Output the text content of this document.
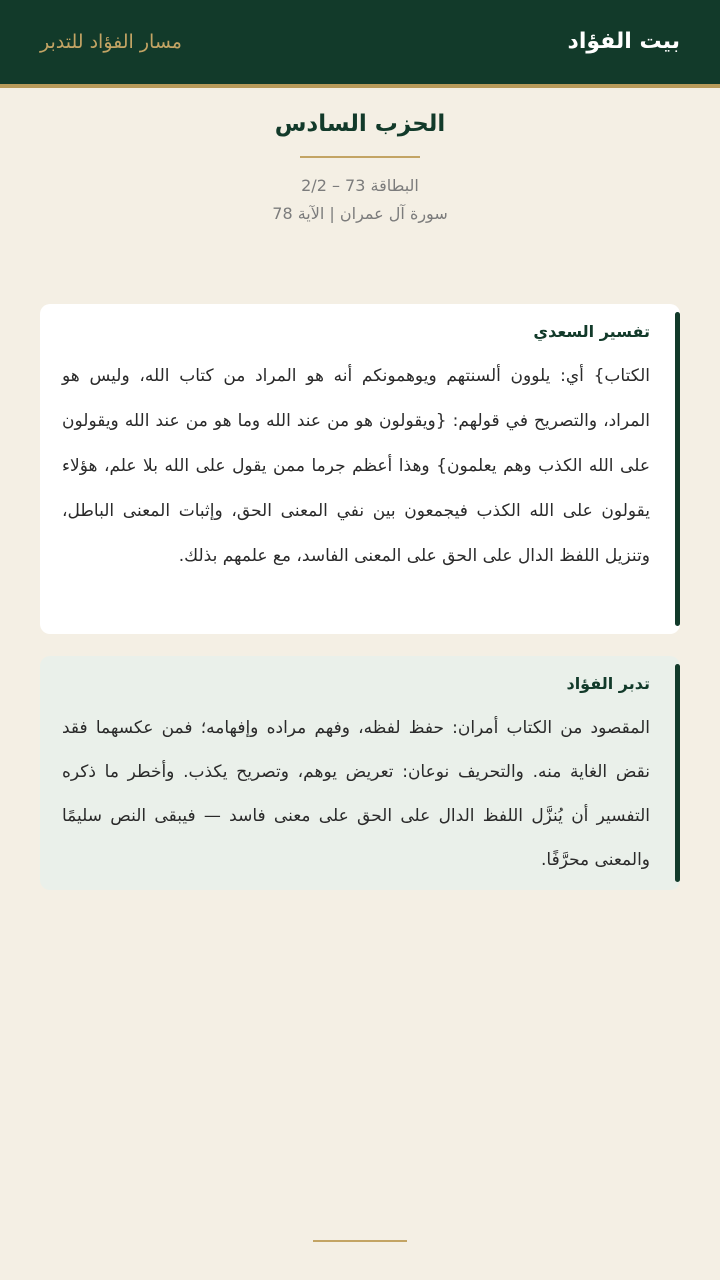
بيت الفؤاد
مسار الفؤاد للتدبر
الحزب السادس
البطاقة 73 – 2/2
سورة آل عمران | الآية 78
تفسير السعدي
الكتاب} أي: يلوون ألسنتهم ويوهمونكم أنه هو المراد من كتاب الله، وليس هو المراد، والتصريح في قولهم: {ويقولون هو من عند الله وما هو من عند الله ويقولون على الله الكذب وهم يعلمون} وهذا أعظم جرما ممن يقول على الله بلا علم، هؤلاء يقولون على الله الكذب فيجمعون بين نفي المعنى الحق، وإثبات المعنى الباطل، وتنزيل اللفظ الدال على الحق على المعنى الفاسد، مع علمهم بذلك.
تدبر الفؤاد
المقصود من الكتاب أمران: حفظ لفظه، وفهم مراده وإفهامه؛ فمن عكسهما فقد نقض الغاية منه. والتحريف نوعان: تعريض يوهم، وتصريح يكذب. وأخطر ما ذكره التفسير أن يُنزَّل اللفظ الدال على الحق على معنى فاسد — فيبقى النص سليمًا والمعنى محرَّفًا.
